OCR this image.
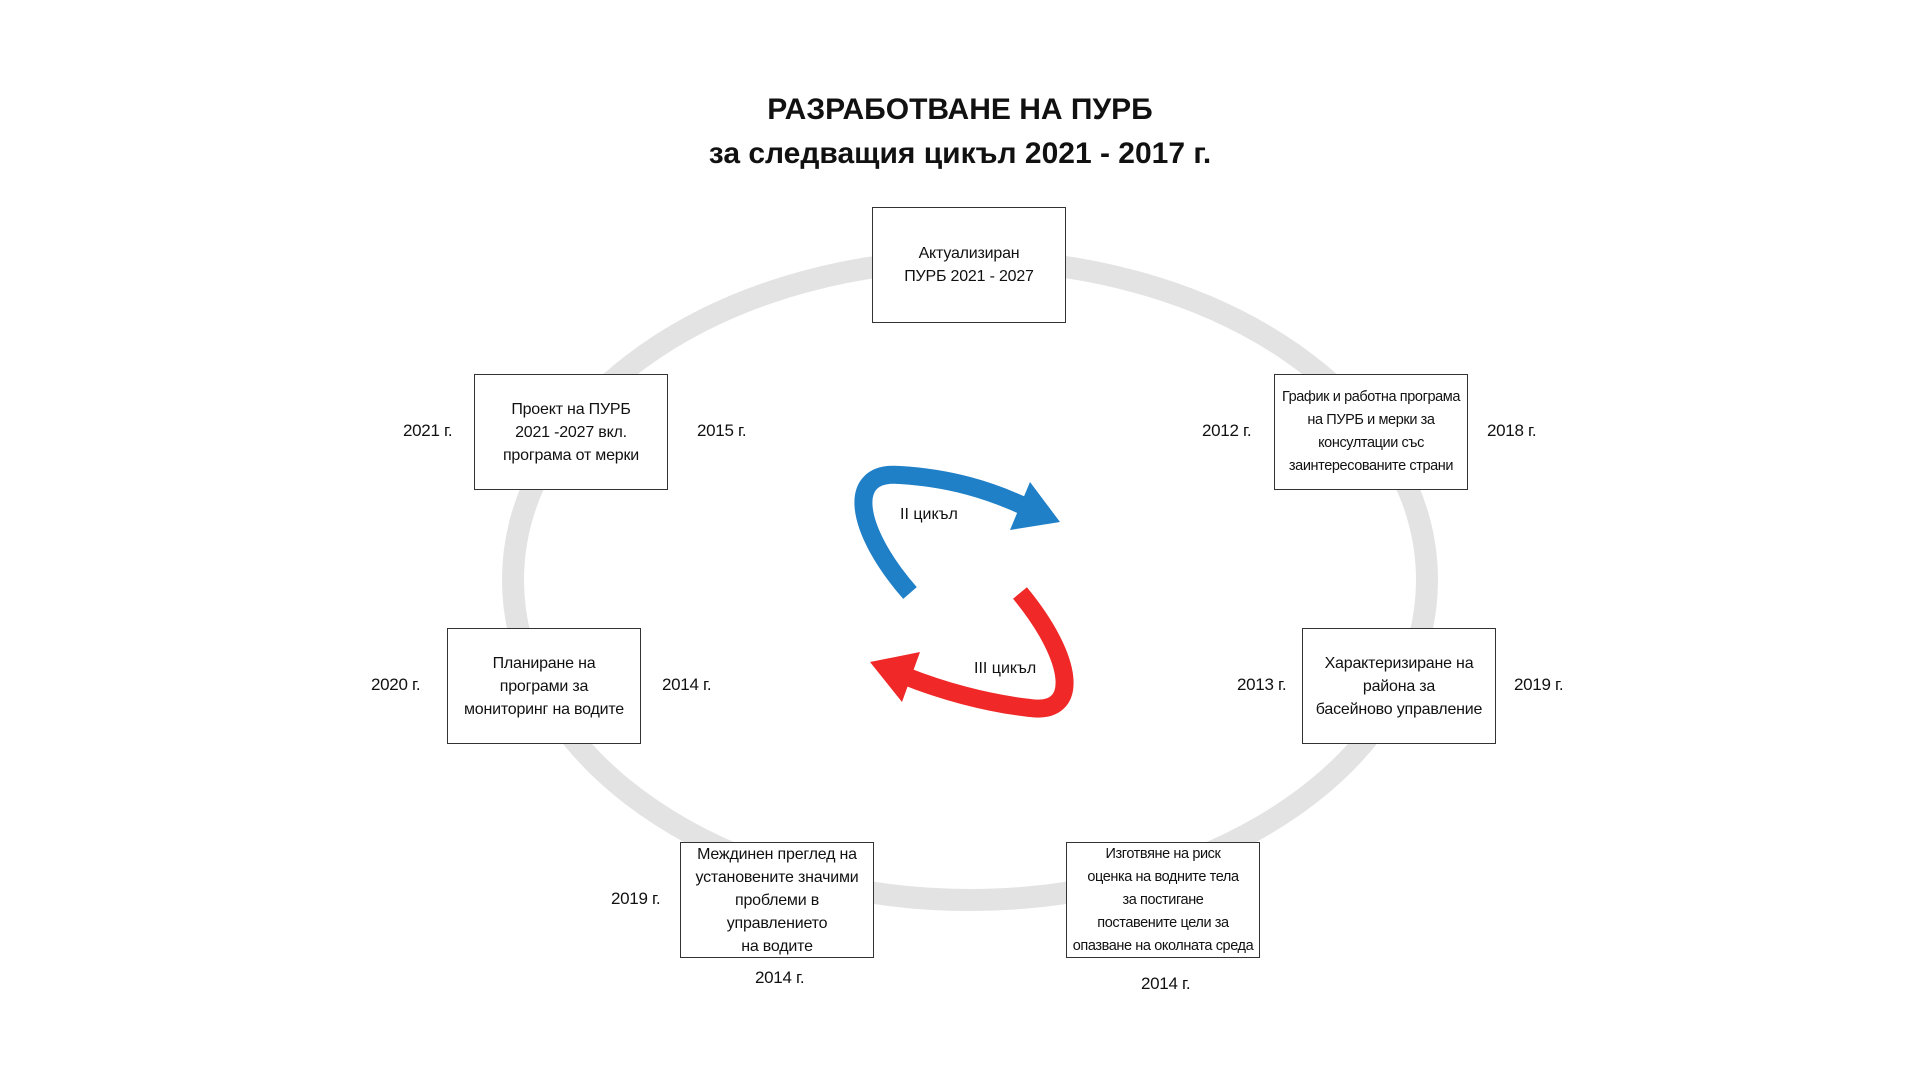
РАЗРАБОТВАНЕ НА ПУРБ
за следващия цикъл 2021 - 2017 г.
II цикъл
III цикъл
Актуализиран
ПУРБ 2021 - 2027
График и работна програма
на ПУРБ и мерки за
консултации със
заинтересованите страни
Характеризиране на
района за
басейново управление
Изготвяне на риск
оценка на водните тела
за постигане
поставените цели за
опазване на околната среда
Междинен преглед на
установените значими
проблеми в управлението
на водите
Планиране на
програми за
мониторинг на водите
Проект на ПУРБ
2021 -2027 вкл.
програма от мерки
2021 г.	2015 г.	2012 г.	2018 г.
2020 г.	2014 г.	2013 г.	2019 г.
2019 г.
2014 г.	2014 г.
